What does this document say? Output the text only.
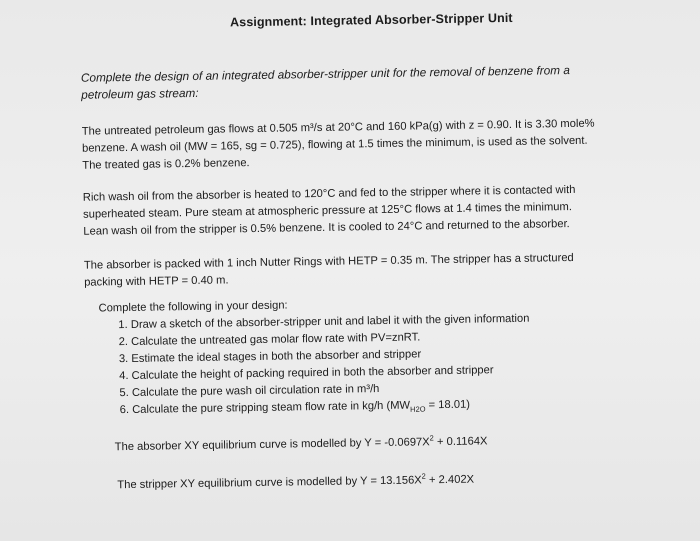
Assignment: Integrated Absorber-Stripper Unit
Complete the design of an integrated absorber-stripper unit for the removal of benzene from a
petroleum gas stream:
The untreated petroleum gas flows at 0.505 m³/s at 20°C and 160 kPa(g) with z = 0.90. It is 3.30 mole%
benzene. A wash oil (MW = 165, sg = 0.725), flowing at 1.5 times the minimum, is used as the solvent.
The treated gas is 0.2% benzene.
Rich wash oil from the absorber is heated to 120°C and fed to the stripper where it is contacted with
superheated steam. Pure steam at atmospheric pressure at 125°C flows at 1.4 times the minimum.
Lean wash oil from the stripper is 0.5% benzene. It is cooled to 24°C and returned to the absorber.
The absorber is packed with 1 inch Nutter Rings with HETP = 0.35 m. The stripper has a structured
packing with HETP = 0.40 m.
Complete the following in your design:
1. Draw a sketch of the absorber-stripper unit and label it with the given information
2. Calculate the untreated gas molar flow rate with PV=znRT.
3. Estimate the ideal stages in both the absorber and stripper
4. Calculate the height of packing required in both the absorber and stripper
5. Calculate the pure wash oil circulation rate in m³/h
6. Calculate the pure stripping steam flow rate in kg/h $(MW_{H2O} = 18.01)$
The absorber XY equilibrium curve is modelled by $Y = -0.0697X^2 + 0.1164X$
The stripper XY equilibrium curve is modelled by $Y = 13.156X^2 + 2.402X$
